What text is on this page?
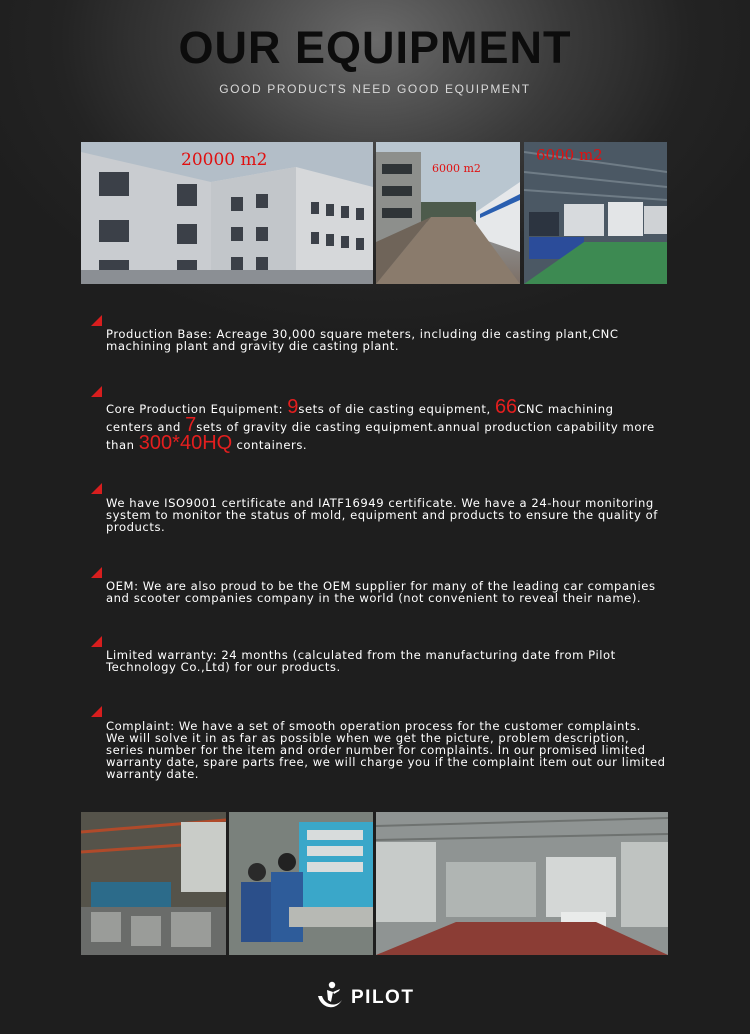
OUR EQUIPMENT
GOOD PRODUCTS NEED GOOD EQUIPMENT
20000 m2	6000 m2
6000 m2
Production Base: Acreage 30,000 square meters, including die casting plant,CNC
machining plant and gravity die casting plant.
Core Production Equipment: 9sets of die casting equipment, 66CNC machining
centers and 7sets of gravity die casting equipment.annual production capability more
than 300*40HQ containers.
We have ISO9001 certificate and IATF16949 certificate. We have a 24-hour monitoring
system to monitor the status of mold, equipment and products to ensure the quality of
products.
OEM: We are also proud to be the OEM supplier for many of the leading car companies
and scooter companies company in the world (not convenient to reveal their name).
Limited warranty: 24 months (calculated from the manufacturing date from Pilot
Technology Co.,Ltd) for our products.
Complaint: We have a set of smooth operation process for the customer complaints.
We will solve it in as far as possible when we get the picture, problem description,
series number for the item and order number for complaints. In our promised limited
warranty date, spare parts free, we will charge you if the complaint item out our limited
warranty date.
PILOT
